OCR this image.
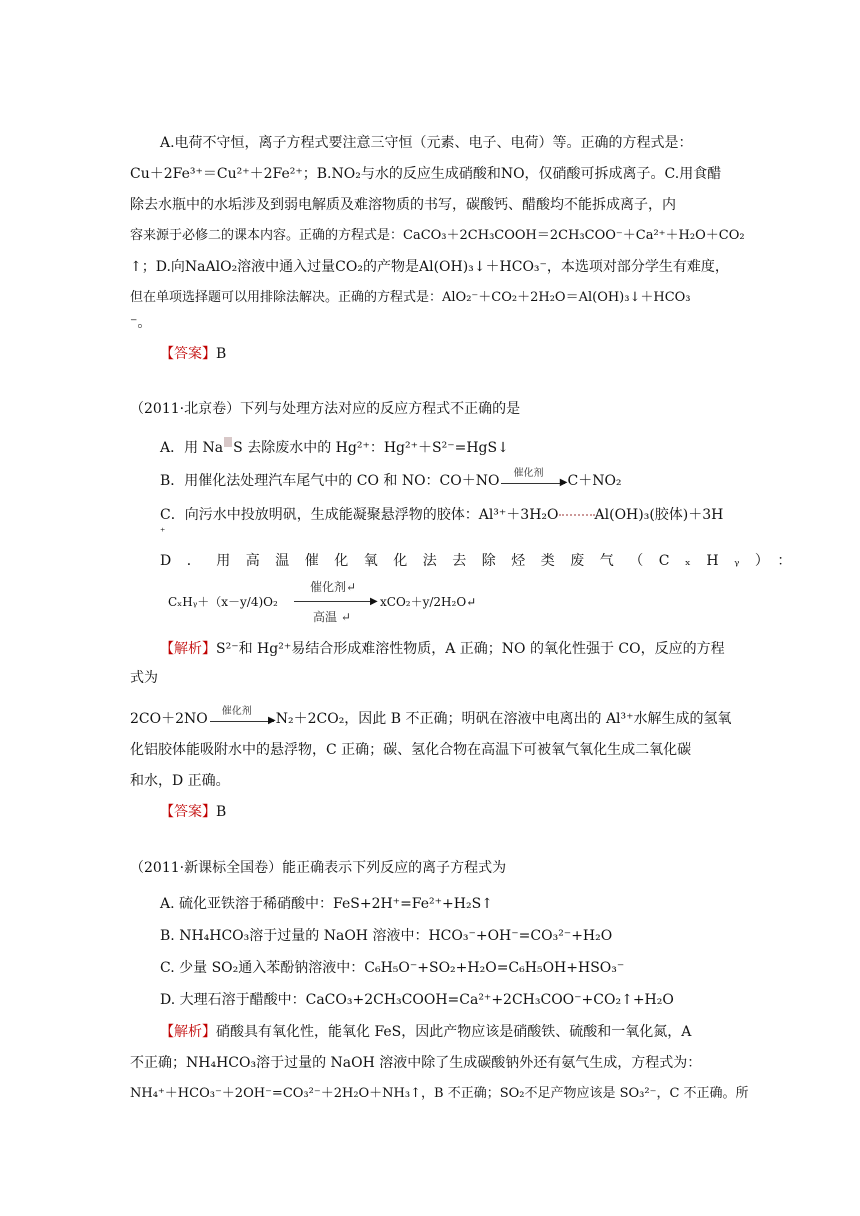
A.电荷不守恒，离子方程式要注意三守恒（元素、电子、电荷）等。正确的方程式是：
Cu＋2Fe³⁺＝Cu²⁺＋2Fe²⁺；B.NO₂与水的反应生成硝酸和NO，仅硝酸可拆成离子。C.用食醋
除去水瓶中的水垢涉及到弱电解质及难溶物质的书写，碳酸钙、醋酸均不能拆成离子，内
容来源于必修二的课本内容。正确的方程式是：CaCO₃＋2CH₃COOH＝2CH₃COO⁻＋Ca²⁺＋H₂O＋CO₂
↑；D.向NaAlO₂溶液中通入过量CO₂的产物是Al(OH)₃↓＋HCO₃⁻，本选项对部分学生有难度，
但在单项选择题可以用排除法解决。正确的方程式是：AlO₂⁻＋CO₂＋2H₂O＝Al(OH)₃↓＋HCO₃
⁻。
【答案】B
（2011·北京卷）下列与处理方法对应的反应方程式不正确的是
A．用 Na S 去除废水中的 Hg²⁺：Hg²⁺＋S²⁻=HgS↓
B．用催化法处理汽车尾气中的 CO 和 NO：CO＋NO 催化剂
▶ C＋NO₂
C．向污水中投放明矾，生成能凝聚悬浮物的胶体：Al³⁺＋3H₂O	Al(OH)₃(胶体)＋3H
⁺
D．用高温催化氧化法去除烃类废气（CₓHᵧ）：
CₓHᵧ＋（x－y/4)O₂
催化剂↵
▶
高温 ↵
xCO₂＋y/2H₂O↵
【解析】S²⁻和 Hg²⁺易结合形成难溶性物质，A 正确；NO 的氧化性强于 CO，反应的方程
式为
2CO＋2NO 催化剂
▶ N₂＋2CO₂，因此 B 不正确；明矾在溶液中电离出的 Al³⁺水解生成的氢氧
化铝胶体能吸附水中的悬浮物，C 正确；碳、氢化合物在高温下可被氧气氧化生成二氧化碳
和水，D 正确。
【答案】B
（2011·新课标全国卷）能正确表示下列反应的离子方程式为
A. 硫化亚铁溶于稀硝酸中：FeS+2H⁺=Fe²⁺+H₂S↑
B. NH₄HCO₃溶于过量的 NaOH 溶液中：HCO₃⁻+OH⁻=CO₃²⁻+H₂O
C. 少量 SO₂通入苯酚钠溶液中：C₆H₅O⁻+SO₂+H₂O=C₆H₅OH+HSO₃⁻
D. 大理石溶于醋酸中：CaCO₃+2CH₃COOH=Ca²⁺+2CH₃COO⁻+CO₂↑+H₂O
【解析】硝酸具有氧化性，能氧化 FeS，因此产物应该是硝酸铁、硫酸和一氧化氮，A
不正确；NH₄HCO₃溶于过量的 NaOH 溶液中除了生成碳酸钠外还有氨气生成，方程式为：
NH₄⁺＋HCO₃⁻＋2OH⁻=CO₃²⁻＋2H₂O＋NH₃↑，B 不正确；SO₂不足产物应该是 SO₃²⁻，C 不正确。所
